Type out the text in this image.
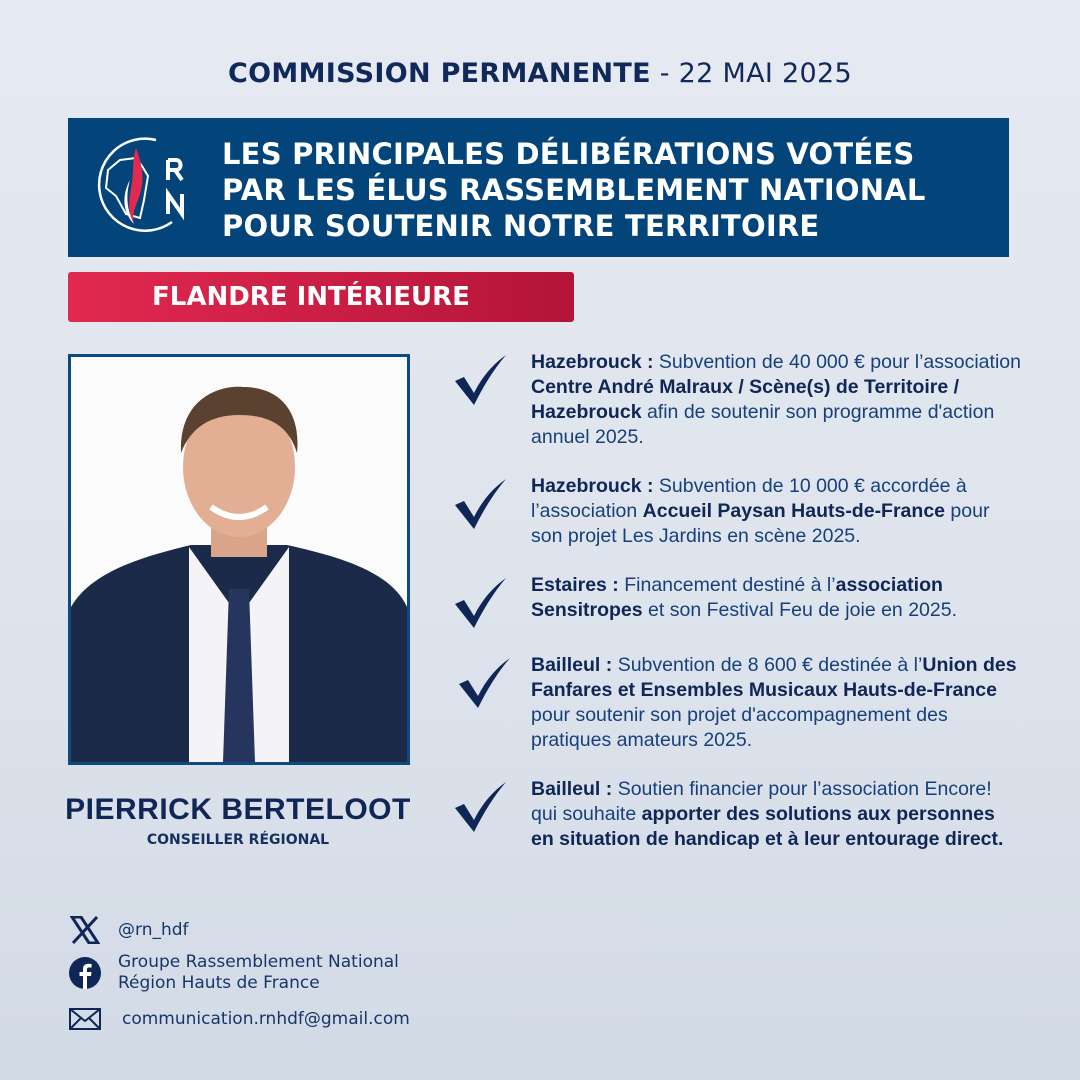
COMMISSION PERMANENTE - 22 MAI 2025
LES PRINCIPALES DÉLIBÉRATIONS VOTÉES
PAR LES ÉLUS RASSEMBLEMENT NATIONAL
POUR SOUTENIR NOTRE TERRITOIRE
FLANDRE INTÉRIEURE
PIERRICK BERTELOOT
CONSEILLER RÉGIONAL
@rn_hdf
Groupe Rassemblement National
Région Hauts de France
communication.rnhdf@gmail.com
Hazebrouck : Subvention de 40 000 € pour l’association Centre André Malraux / Scène(s) de Territoire / Hazebrouck afin de soutenir son programme d'action annuel 2025.
Hazebrouck : Subvention de 10 000 € accordée à l’association Accueil Paysan Hauts-de-France pour son projet Les Jardins en scène 2025.
Estaires : Financement destiné à l’association Sensitropes et son Festival Feu de joie en 2025.
Bailleul : Subvention de 8 600 € destinée à l’Union des Fanfares et Ensembles Musicaux Hauts-de-France pour soutenir son projet d'accompagnement des pratiques amateurs 2025.
Bailleul : Soutien financier pour l’association Encore! qui souhaite apporter des solutions aux personnes en situation de handicap et à leur entourage direct.
